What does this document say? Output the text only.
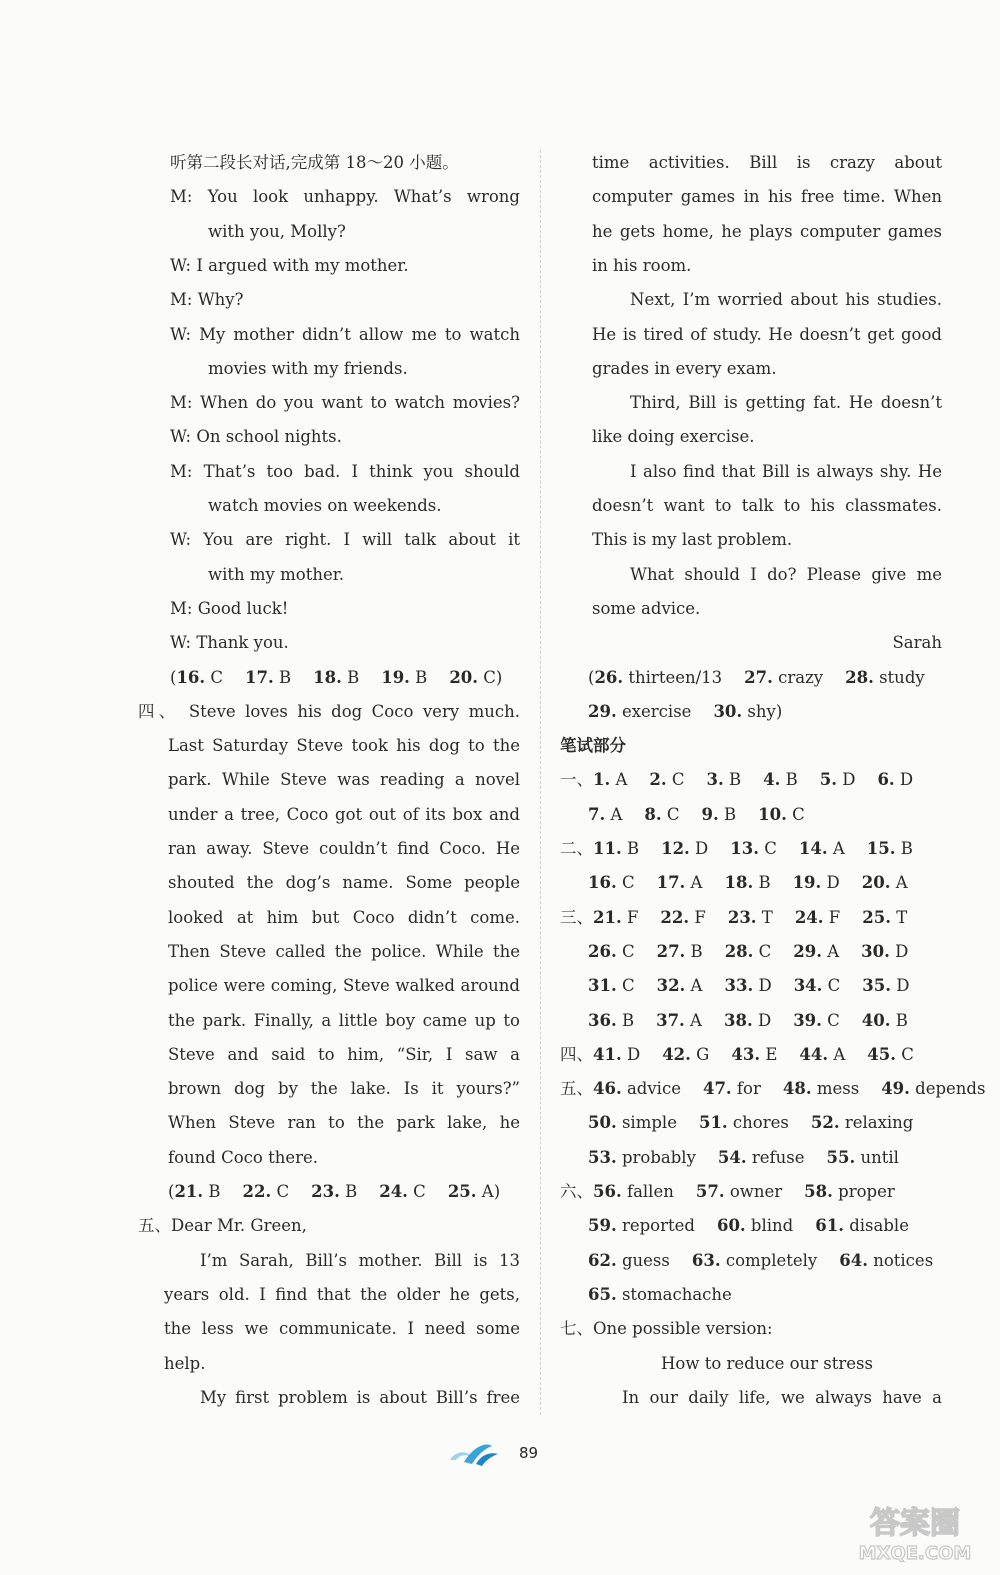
听第二段长对话,完成第 18～20 小题。
M: You look unhappy. What’s wrong
with you, Molly?
W: I argued with my mother.
M: Why?
W: My mother didn’t allow me to watch
movies with my friends.
M: When do you want to watch movies?
W: On school nights.
M: That’s too bad. I think you should
watch movies on weekends.
W: You are right. I will talk about it
with my mother.
M: Good luck!
W: Thank you.
(16. C 17. B 18. B 19. B 20. C)
四、 Steve loves his dog Coco very much.
Last Saturday Steve took his dog to the
park. While Steve was reading a novel
under a tree, Coco got out of its box and
ran away. Steve couldn’t find Coco. He
shouted the dog’s name. Some people
looked at him but Coco didn’t come.
Then Steve called the police. While the
police were coming, Steve walked around
the park. Finally, a little boy came up to
Steve and said to him, “Sir, I saw a
brown dog by the lake. Is it yours?”
When Steve ran to the park lake, he
found Coco there.
(21. B 22. C 23. B 24. C 25. A)
五、Dear Mr. Green,
I’m Sarah, Bill’s mother. Bill is 13
years old. I find that the older he gets,
the less we communicate. I need some
help.
My first problem is about Bill’s free
time activities. Bill is crazy about
computer games in his free time. When
he gets home, he plays computer games
in his room.
Next, I’m worried about his studies.
He is tired of study. He doesn’t get good
grades in every exam.
Third, Bill is getting fat. He doesn’t
like doing exercise.
I also find that Bill is always shy. He
doesn’t want to talk to his classmates.
This is my last problem.
What should I do? Please give me
some advice.
Sarah
(26. thirteen/13 27. crazy 28. study
29. exercise 30. shy)
笔试部分
一、1. A 2. C 3. B 4. B 5. D 6. D
7. A 8. C 9. B 10. C
二、11. B 12. D 13. C 14. A 15. B
16. C 17. A 18. B 19. D 20. A
三、21. F 22. F 23. T 24. F 25. T
26. C 27. B 28. C 29. A 30. D
31. C 32. A 33. D 34. C 35. D
36. B 37. A 38. D 39. C 40. B
四、41. D 42. G 43. E 44. A 45. C
五、46. advice 47. for 48. mess 49. depends
50. simple 51. chores 52. relaxing
53. probably 54. refuse 55. until
六、56. fallen 57. owner 58. proper
59. reported 60. blind 61. disable
62. guess 63. completely 64. notices
65. stomachache
七、One possible version:
How to reduce our stress
In our daily life, we always have a
89
答案圈
MXQE.COM
